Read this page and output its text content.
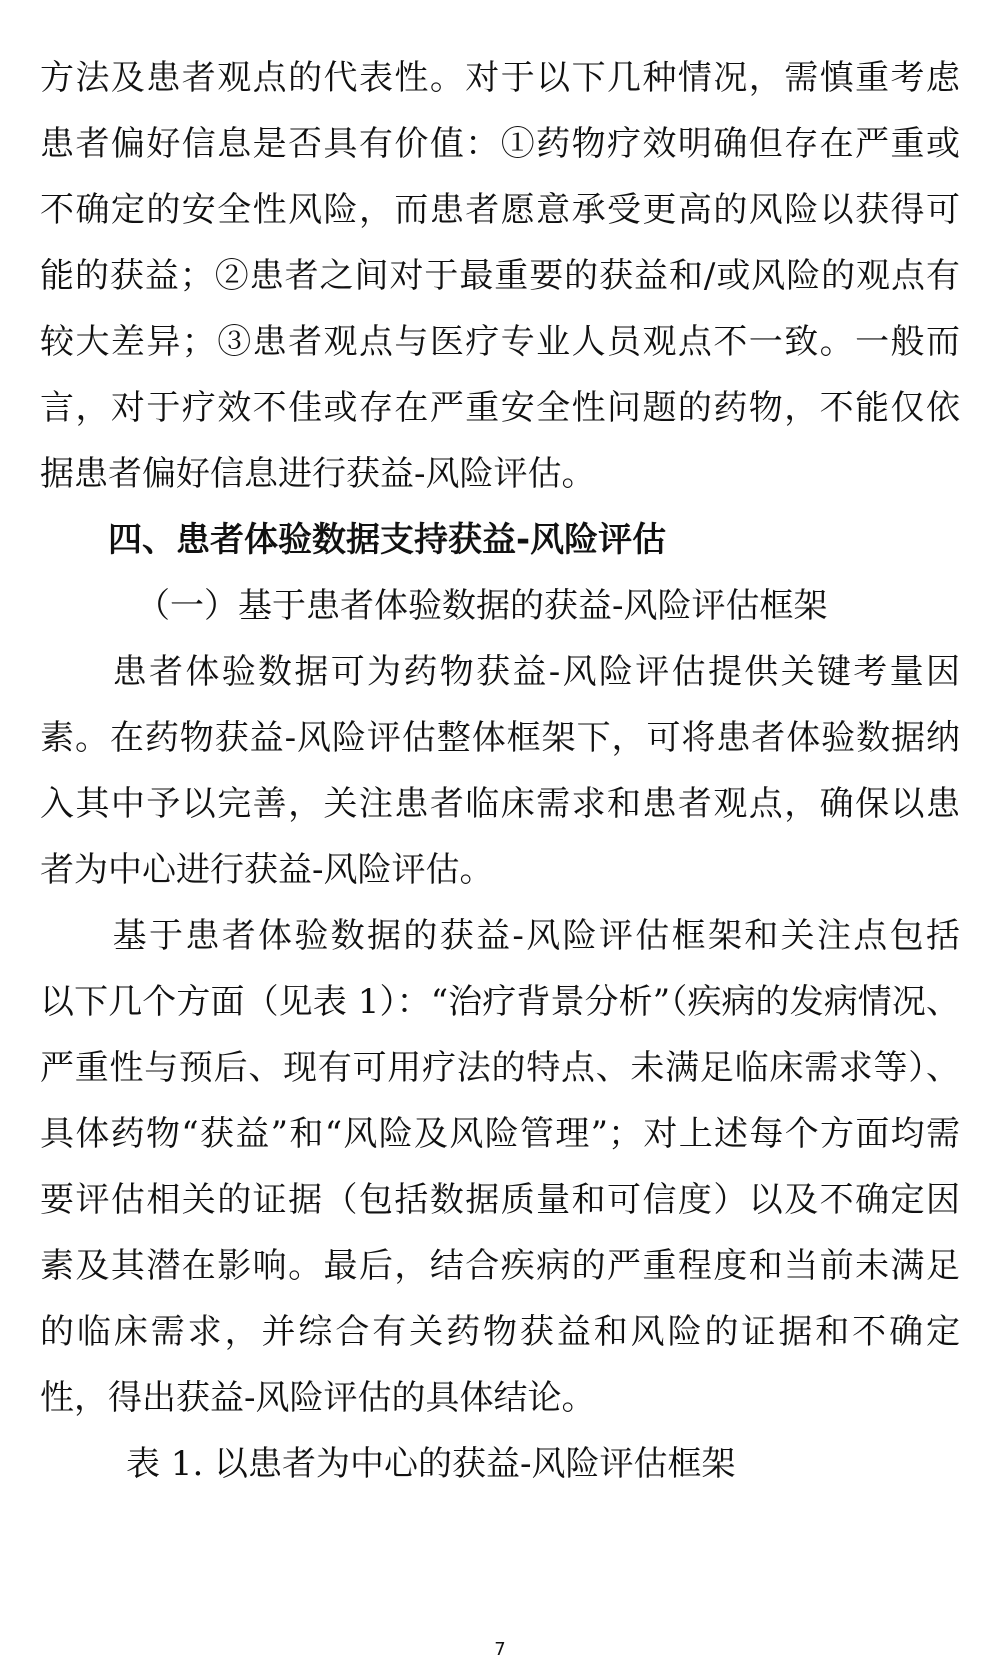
方法及患者观点的代表性。对于以下几种情况，需慎重考虑
患者偏好信息是否具有价值：①药物疗效明确但存在严重或
不确定的安全性风险，而患者愿意承受更高的风险以获得可
能的获益；②患者之间对于最重要的获益和/或风险的观点有
较大差异；③患者观点与医疗专业人员观点不一致。一般而
言，对于疗效不佳或存在严重安全性问题的药物，不能仅依
据患者偏好信息进行获益-风险评估。
四、患者体验数据支持获益-风险评估
（一）基于患者体验数据的获益-风险评估框架
　　患者体验数据可为药物获益-风险评估提供关键考量因
素。在药物获益-风险评估整体框架下，可将患者体验数据纳
入其中予以完善，关注患者临床需求和患者观点，确保以患
者为中心进行获益-风险评估。
　　基于患者体验数据的获益-风险评估框架和关注点包括
以下几个方面（见表 1）：“治疗背景分析”（疾病的发病情况、
严重性与预后、现有可用疗法的特点、未满足临床需求等）、
具体药物“获益”和“风险及风险管理”；对上述每个方面均需
要评估相关的证据（包括数据质量和可信度）以及不确定因
素及其潜在影响。最后，结合疾病的严重程度和当前未满足
的临床需求，并综合有关药物获益和风险的证据和不确定
性，得出获益-风险评估的具体结论。
表 1. 以患者为中心的获益-风险评估框架
7
